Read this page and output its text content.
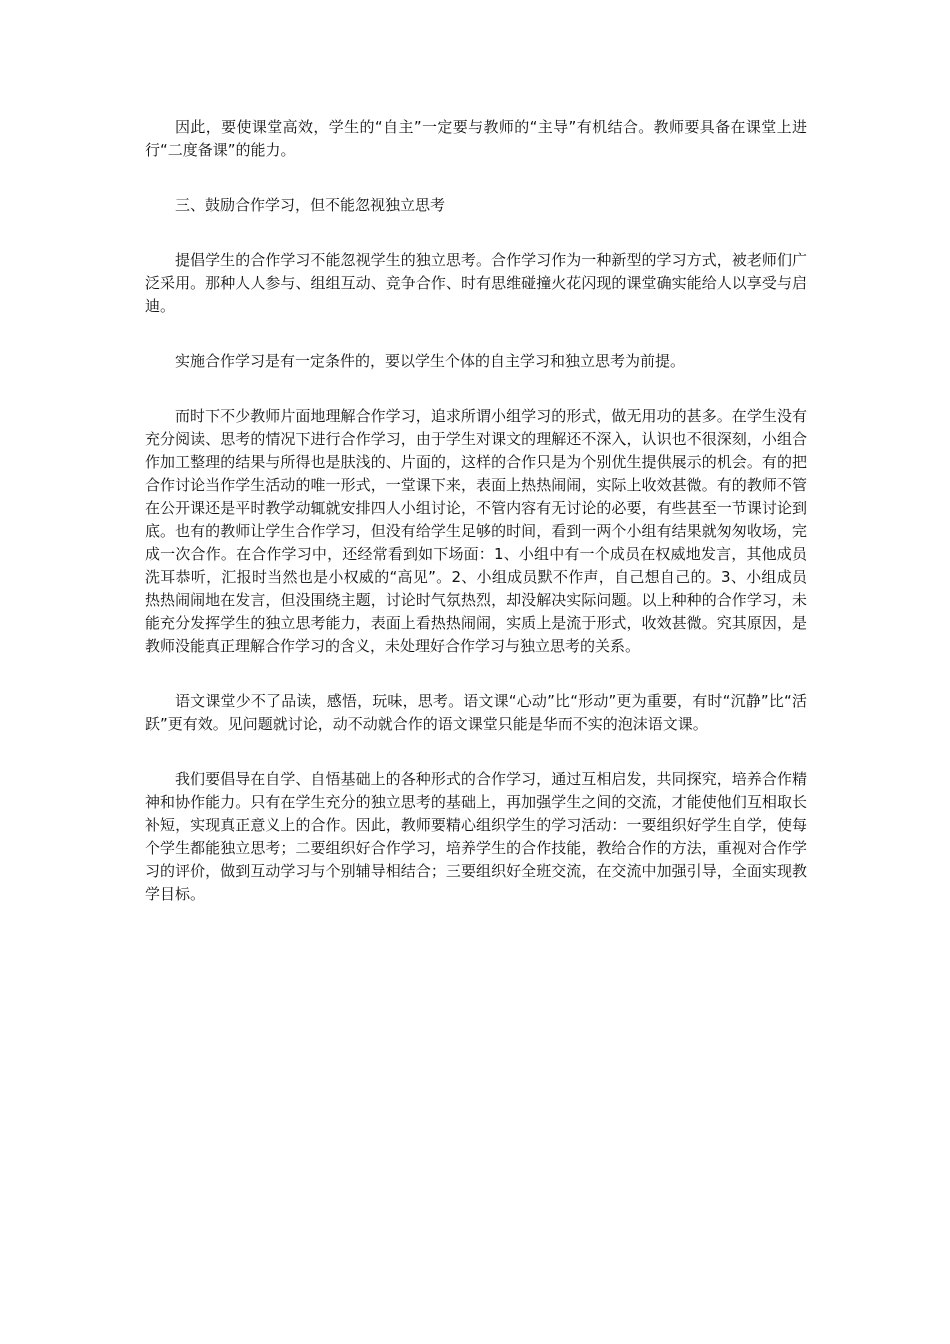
因此，要使课堂高效，学生的“自主”一定要与教师的“主导”有机结合。教师要具备在课堂上进行“二度备课”的能力。

三、鼓励合作学习，但不能忽视独立思考

提倡学生的合作学习不能忽视学生的独立思考。合作学习作为一种新型的学习方式，被老师们广泛采用。那种人人参与、组组互动、竞争合作、时有思维碰撞火花闪现的课堂确实能给人以享受与启迪。

实施合作学习是有一定条件的，要以学生个体的自主学习和独立思考为前提。

而时下不少教师片面地理解合作学习，追求所谓小组学习的形式，做无用功的甚多。在学生没有充分阅读、思考的情况下进行合作学习，由于学生对课文的理解还不深入，认识也不很深刻，小组合作加工整理的结果与所得也是肤浅的、片面的，这样的合作只是为个别优生提供展示的机会。有的把合作讨论当作学生活动的唯一形式，一堂课下来，表面上热热闹闹，实际上收效甚微。有的教师不管在公开课还是平时教学动辄就安排四人小组讨论，不管内容有无讨论的必要，有些甚至一节课讨论到底。也有的教师让学生合作学习，但没有给学生足够的时间，看到一两个小组有结果就匆匆收场，完成一次合作。在合作学习中，还经常看到如下场面：1、小组中有一个成员在权威地发言，其他成员洗耳恭听，汇报时当然也是小权威的“高见”。2、小组成员默不作声，自己想自己的。3、小组成员热热闹闹地在发言，但没围绕主题，讨论时气氛热烈，却没解决实际问题。以上种种的合作学习，未能充分发挥学生的独立思考能力，表面上看热热闹闹，实质上是流于形式，收效甚微。究其原因，是教师没能真正理解合作学习的含义，未处理好合作学习与独立思考的关系。

语文课堂少不了品读，感悟，玩味，思考。语文课“心动”比“形动”更为重要，有时“沉静”比“活跃”更有效。见问题就讨论，动不动就合作的语文课堂只能是华而不实的泡沫语文课。

我们要倡导在自学、自悟基础上的各种形式的合作学习，通过互相启发，共同探究，培养合作精神和协作能力。只有在学生充分的独立思考的基础上，再加强学生之间的交流，才能使他们互相取长补短，实现真正意义上的合作。因此，教师要精心组织学生的学习活动：一要组织好学生自学，使每个学生都能独立思考；二要组织好合作学习，培养学生的合作技能，教给合作的方法，重视对合作学习的评价，做到互动学习与个别辅导相结合；三要组织好全班交流，在交流中加强引导，全面实现教学目标。
